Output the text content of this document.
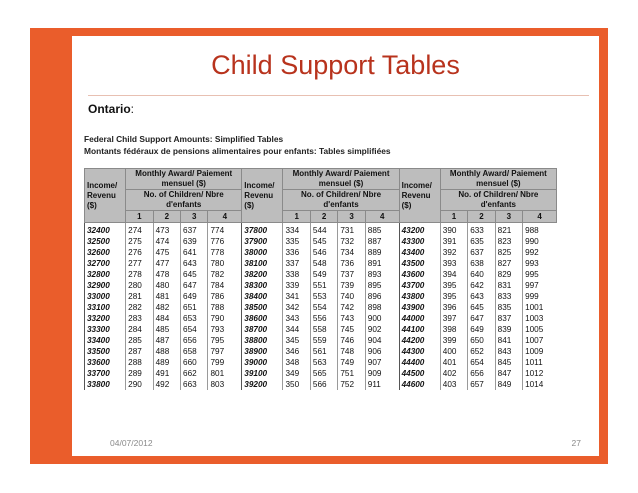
Child Support Tables
Ontario:
Federal Child Support Amounts: Simplified Tables
Montants fédéraux de pensions alimentaires pour enfants: Tables simplifiées
Income/ Revenu ($)	Monthly Award/ Paiement mensuel ($)				Income/ Revenu ($)	Monthly Award/ Paiement mensuel ($)				Income/ Revenu ($)	Monthly Award/ Paiement mensuel ($)			
	No. of Children/ Nbre d'enfants					No. of Children/ Nbre d'enfants					No. of Children/ Nbre d'enfants			
	1	2	3	4		1	2	3	4		1	2	3	4
32400	274	473	637	774	37800	334	544	731	885	43200	390	633	821	988
32500	275	474	639	776	37900	335	545	732	887	43300	391	635	823	990
32600	276	475	641	778	38000	336	546	734	889	43400	392	637	825	992
32700	277	477	643	780	38100	337	548	736	891	43500	393	638	827	993
32800	278	478	645	782	38200	338	549	737	893	43600	394	640	829	995
32900	280	480	647	784	38300	339	551	739	895	43700	395	642	831	997
33000	281	481	649	786	38400	341	553	740	896	43800	395	643	833	999
33100	282	482	651	788	38500	342	554	742	898	43900	396	645	835	1001
33200	283	484	653	790	38600	343	556	743	900	44000	397	647	837	1003
33300	284	485	654	793	38700	344	558	745	902	44100	398	649	839	1005
33400	285	487	656	795	38800	345	559	746	904	44200	399	650	841	1007
33500	287	488	658	797	38900	346	561	748	906	44300	400	652	843	1009
33600	288	489	660	799	39000	348	563	749	907	44400	401	654	845	1011
33700	289	491	662	801	39100	349	565	751	909	44500	402	656	847	1012
33800	290	492	663	803	39200	350	566	752	911	44600	403	657	849	1014
04/07/2012	27
